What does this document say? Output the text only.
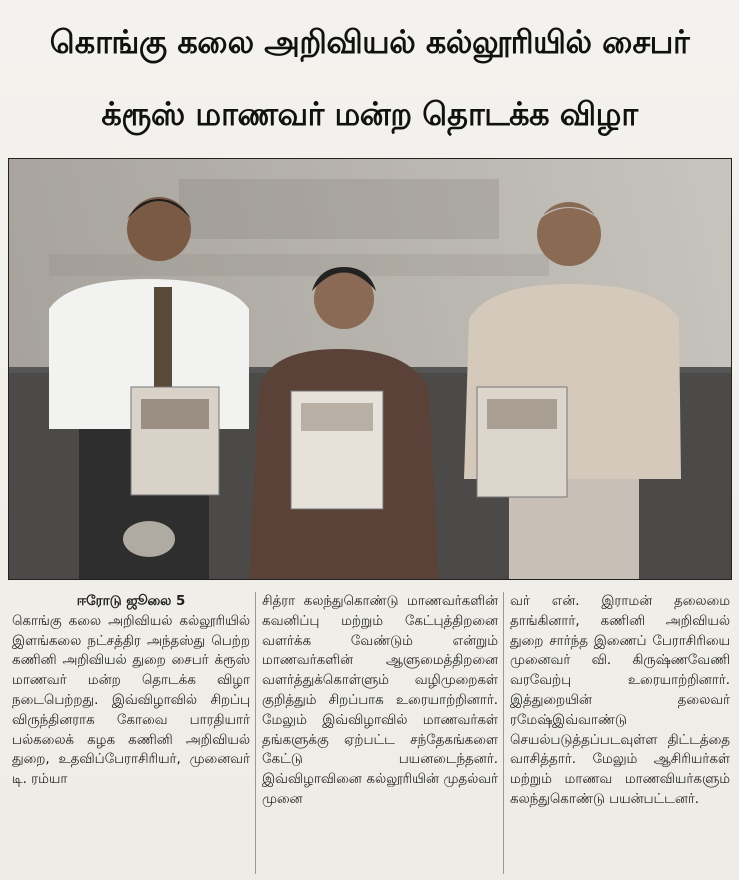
கொங்கு கலை அறிவியல் கல்லூரியில் சைபர்
க்ரூஸ் மாணவர் மன்ற தொடக்க விழா
ஈரோடு ஜூலை 5
கொங்கு கலை அறிவியல் கல்லூரியில் இளங்கலை நட்சத்திர அந்தஸ்து பெற்ற கணினி அறிவியல் துறை சைபர் க்ரூஸ் மாணவர் மன்ற தொடக்க விழா நடைபெற்றது. இவ்விழாவில் சிறப்பு விருந்தினராக கோவை பாரதியார் பல்கலைக் கழக கணினி அறிவியல் துறை, உதவிப்பேராசிரியர், முனைவர் டி. ரம்யா
சித்ரா கலந்துகொண்டு மாணவர்களின் கவனிப்பு மற்றும் கேட்புத்திறனை வளர்க்க வேண்டும் என்றும் மாணவர்களின் ஆளுமைத்திறனை வளர்த்துக்கொள்ளும் வழிமுறைகள் குறித்தும் சிறப்பாக உரையாற்றினார். மேலும் இவ்விழாவில் மாணவர்கள் தங்களுக்கு ஏற்பட்ட சந்தேகங்களை கேட்டு பயனடைந்தனர். இவ்விழாவினை கல்லூரியின் முதல்வர் முனை
வர் என். இராமன் தலைமை தாங்கினார், கணினி அறிவியல் துறை சார்ந்த இணைப் பேராசிரியை முனைவர் வி. கிருஷ்ணவேணி வரவேற்பு உரையாற்றினார். இத்துறையின் தலைவர் ரமேஷ்இவ்வாண்டு செயல்படுத்தப்படவுள்ள திட்டத்தை வாசித்தார். மேலும் ஆசிரியர்கள் மற்றும் மாணவ மாணவியர்களும் கலந்துகொண்டு பயன்பட்டனர்.
